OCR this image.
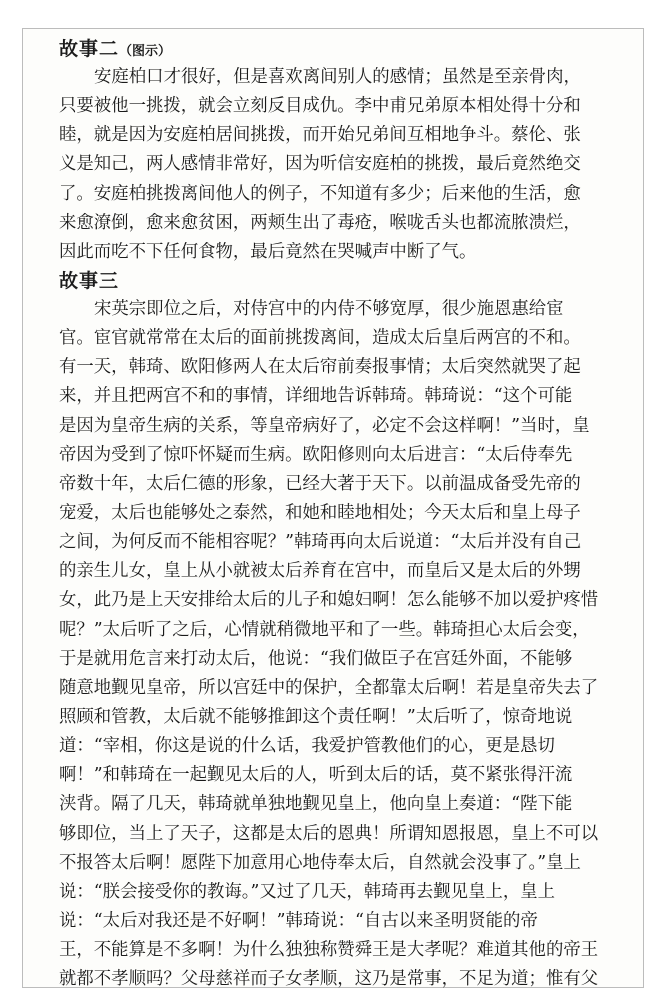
故事二（图示）
安庭柏口才很好，但是喜欢离间别人的感情；虽然是至亲骨肉，
只要被他一挑拨，就会立刻反目成仇。李中甫兄弟原本相处得十分和
睦，就是因为安庭柏居间挑拨，而开始兄弟间互相地争斗。蔡伦、张
义是知己，两人感情非常好，因为听信安庭柏的挑拨，最后竟然绝交
了。安庭柏挑拨离间他人的例子，不知道有多少；后来他的生活，愈
来愈潦倒，愈来愈贫困，两颊生出了毒疮，喉咙舌头也都流脓溃烂，
因此而吃不下任何食物，最后竟然在哭喊声中断了气。
故事三
宋英宗即位之后，对侍宫中的内侍不够宽厚，很少施恩惠给宦
官。宦官就常常在太后的面前挑拨离间，造成太后皇后两宫的不和。
有一天，韩琦、欧阳修两人在太后帘前奏报事情；太后突然就哭了起
来，并且把两宫不和的事情，详细地告诉韩琦。韩琦说：“这个可能
是因为皇帝生病的关系，等皇帝病好了，必定不会这样啊！”当时，皇
帝因为受到了惊吓怀疑而生病。欧阳修则向太后进言：“太后侍奉先
帝数十年，太后仁德的形象，已经大著于天下。以前温成备受先帝的
宠爱，太后也能够处之泰然，和她和睦地相处；今天太后和皇上母子
之间，为何反而不能相容呢？”韩琦再向太后说道：“太后并没有自己
的亲生儿女，皇上从小就被太后养育在宫中，而皇后又是太后的外甥
女，此乃是上天安排给太后的儿子和媳妇啊！怎么能够不加以爱护疼惜
呢？”太后听了之后，心情就稍微地平和了一些。韩琦担心太后会变，
于是就用危言来打动太后，他说：“我们做臣子在宫廷外面，不能够
随意地觐见皇帝，所以宫廷中的保护，全都靠太后啊！若是皇帝失去了
照顾和管教，太后就不能够推卸这个责任啊！”太后听了，惊奇地说
道：“宰相，你这是说的什么话，我爱护管教他们的心，更是恳切
啊！”和韩琦在一起觐见太后的人，听到太后的话，莫不紧张得汗流
浃背。隔了几天，韩琦就单独地觐见皇上，他向皇上奏道：“陛下能
够即位，当上了天子，这都是太后的恩典！所谓知恩报恩，皇上不可以
不报答太后啊！愿陛下加意用心地侍奉太后，自然就会没事了。”皇上
说：“朕会接受你的教诲。”又过了几天，韩琦再去觐见皇上，皇上
说：“太后对我还是不好啊！”韩琦说：“自古以来圣明贤能的帝
王，不能算是不多啊！为什么独独称赞舜王是大孝呢？难道其他的帝王
就都不孝顺吗？父母慈祥而子女孝顺，这乃是常事，不足为道；惟有父
